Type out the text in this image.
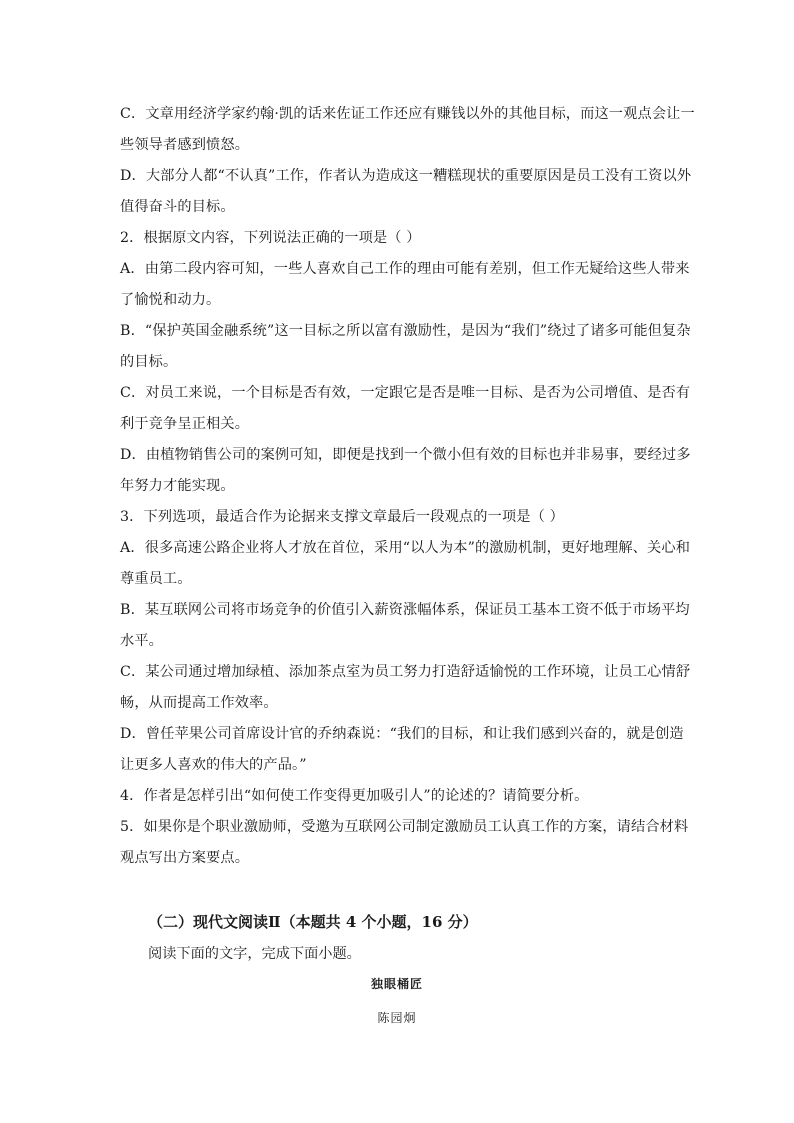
C．文章用经济学家约翰·凯的话来佐证工作还应有赚钱以外的其他目标，而这一观点会让一
些领导者感到愤怒。
D．大部分人都“不认真”工作，作者认为造成这一糟糕现状的重要原因是员工没有工资以外
值得奋斗的目标。
2．根据原文内容，下列说法正确的一项是（ ）
A．由第二段内容可知，一些人喜欢自己工作的理由可能有差别，但工作无疑给这些人带来
了愉悦和动力。
B．“保护英国金融系统”这一目标之所以富有激励性，是因为“我们”绕过了诸多可能但复杂
的目标。
C．对员工来说，一个目标是否有效，一定跟它是否是唯一目标、是否为公司增值、是否有
利于竞争呈正相关。
D．由植物销售公司的案例可知，即便是找到一个微小但有效的目标也并非易事，要经过多
年努力才能实现。
3．下列选项，最适合作为论据来支撑文章最后一段观点的一项是（ ）
A．很多高速公路企业将人才放在首位，采用“以人为本”的激励机制，更好地理解、关心和
尊重员工。
B．某互联网公司将市场竞争的价值引入薪资涨幅体系，保证员工基本工资不低于市场平均
水平。
C．某公司通过增加绿植、添加茶点室为员工努力打造舒适愉悦的工作环境，让员工心情舒
畅，从而提高工作效率。
D．曾任苹果公司首席设计官的乔纳森说：“我们的目标，和让我们感到兴奋的，就是创造
让更多人喜欢的伟大的产品。”
4．作者是怎样引出“如何使工作变得更加吸引人”的论述的？请简要分析。
5．如果你是个职业激励师，受邀为互联网公司制定激励员工认真工作的方案，请结合材料
观点写出方案要点。
（二）现代文阅读Ⅱ（本题共 4 个小题，16 分）
阅读下面的文字，完成下面小题。
独眼桶匠
陈园炯
